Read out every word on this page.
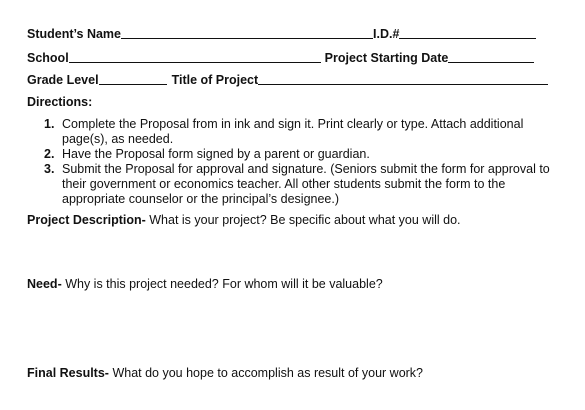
Student’s Name	I.D.#
School	Project Starting Date
Grade Level	Title of Project
Directions:
1. Complete the Proposal from in ink and sign it. Print clearly or type. Attach additional page(s), as needed.
2. Have the Proposal form signed by a parent or guardian.
3. Submit the Proposal for approval and signature. (Seniors submit the form for approval to their government or economics teacher. All other students submit the form to the appropriate counselor or the principal’s designee.)
Project Description- What is your project? Be specific about what you will do.
Need- Why is this project needed? For whom will it be valuable?
Final Results- What do you hope to accomplish as result of your work?
